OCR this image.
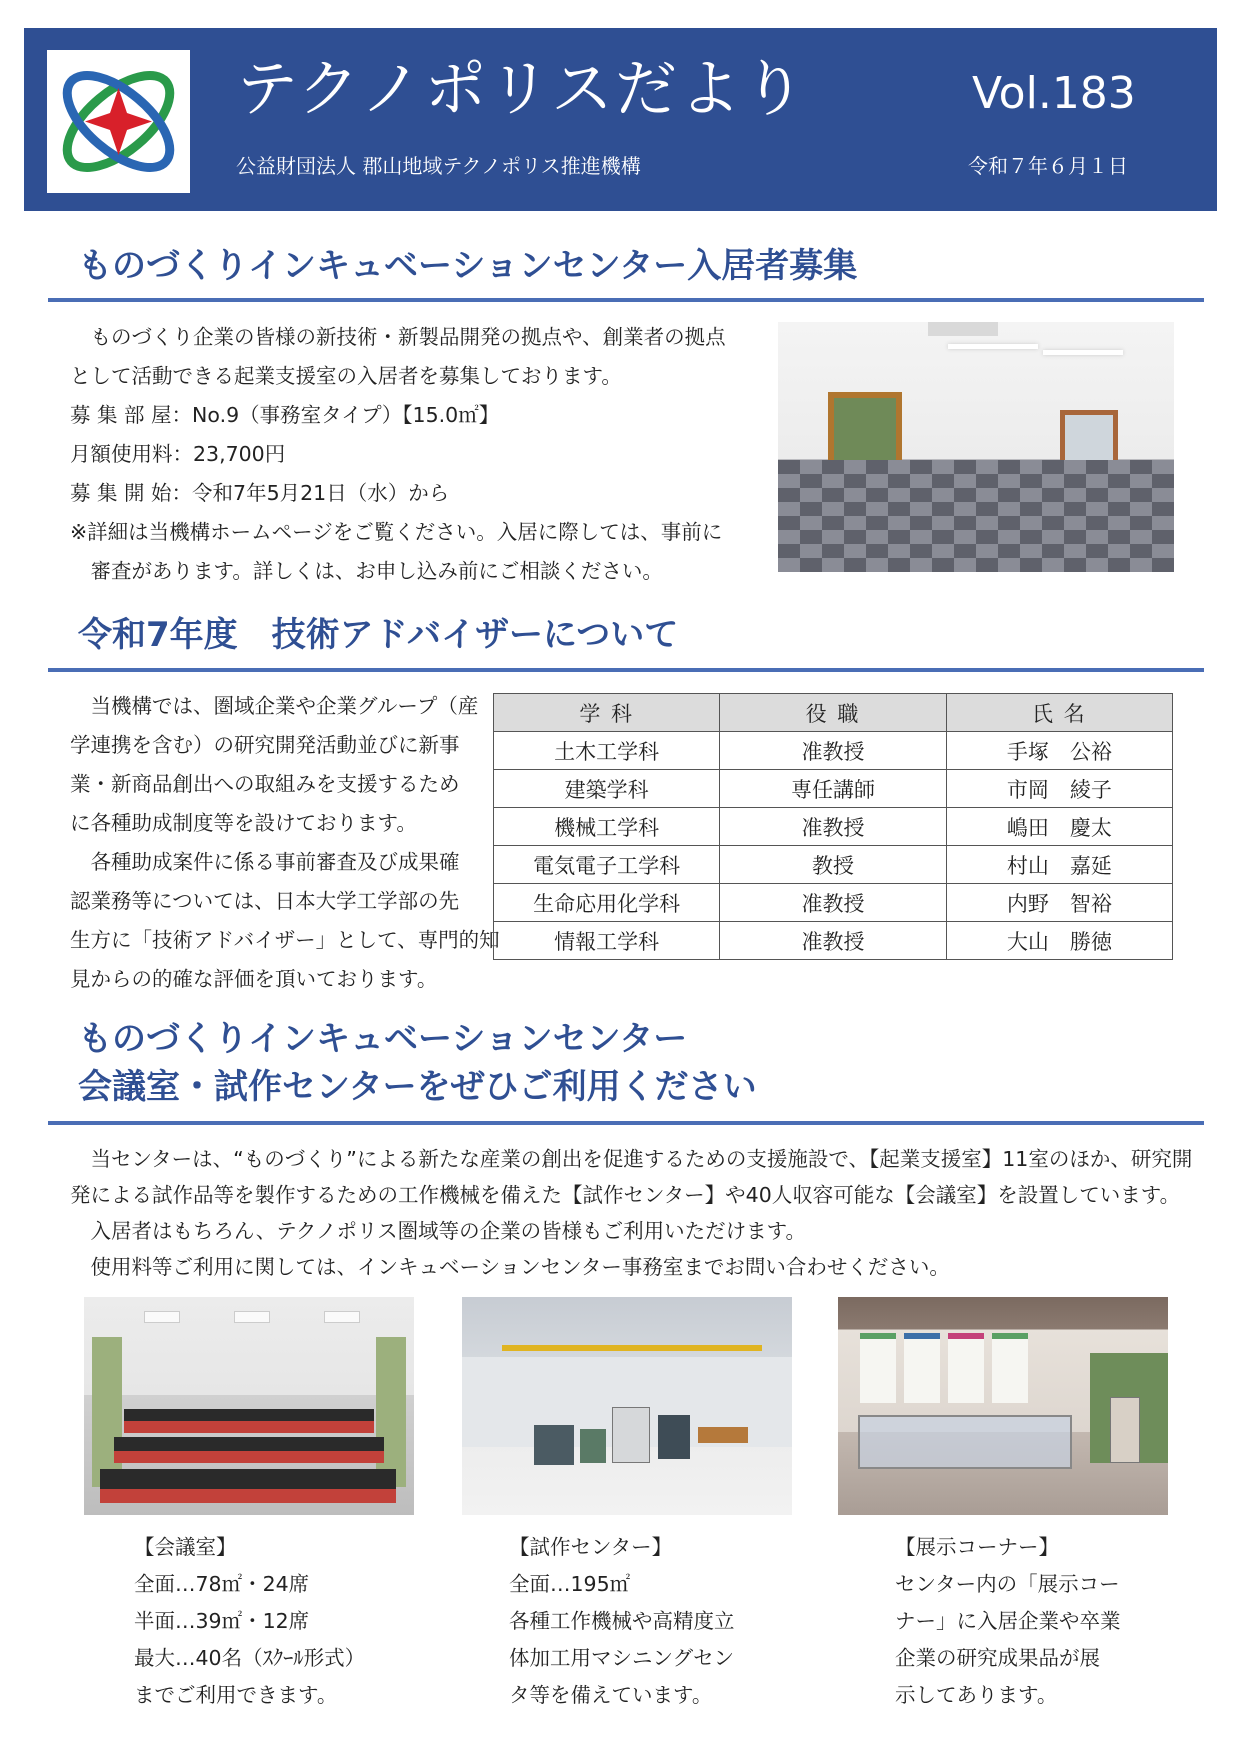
テクノポリスだより	Vol.183
公益財団法人 郡山地域テクノポリス推進機構	令和７年６月１日
ものづくりインキュベーションセンター入居者募集

　ものづくり企業の皆様の新技術・新製品開発の拠点や、創業者の拠点

として活動できる起業支援室の入居者を募集しております。

募 集 部 屋：No.9（事務室タイプ）【15.0㎡】

月額使用料：23,700円

募 集 開 始：令和7年5月21日（水）から

※詳細は当機構ホームページをご覧ください。入居に際しては、事前に

　審査があります。詳しくは、お申し込み前にご相談ください。

令和7年度　技術アドバイザーについて

　当機構では、圏域企業や企業グループ（産

学連携を含む）の研究開発活動並びに新事

業・新商品創出への取組みを支援するため

に各種助成制度等を設けております。

　各種助成案件に係る事前審査及び成果確

認業務等については、日本大学工学部の先

生方に「技術アドバイザー」として、専門的知

見からの的確な評価を頂いております。

学 科	役 職	氏 名
土木工学科	准教授	手塚　公裕
建築学科	専任講師	市岡　綾子
機械工学科	准教授	嶋田　慶太
電気電子工学科	教授	村山　嘉延
生命応用化学科	准教授	内野　智裕
情報工学科	准教授	大山　勝徳
ものづくりインキュベーションセンター
会議室・試作センターをぜひご利用ください

　当センターは、“ものづくり”による新たな産業の創出を促進するための支援施設で、【起業支援室】11室のほか、研究開

発による試作品等を製作するための工作機械を備えた【試作センター】や40人収容可能な【会議室】を設置しています。

　入居者はもちろん、テクノポリス圏域等の企業の皆様もご利用いただけます。

　使用料等ご利用に関しては、インキュベーションセンター事務室までお問い合わせください。

【会議室】
全面…78㎡・24席
半面…39㎡・12席
最大…40名（ｽｸｰﾙ形式）
までご利用できます。
【試作センター】
全面…195㎡
各種工作機械や高精度立
体加工用マシニングセン
タ等を備えています。
【展示コーナー】
センター内の「展示コー
ナー」に入居企業や卒業
企業の研究成果品が展
示してあります。
